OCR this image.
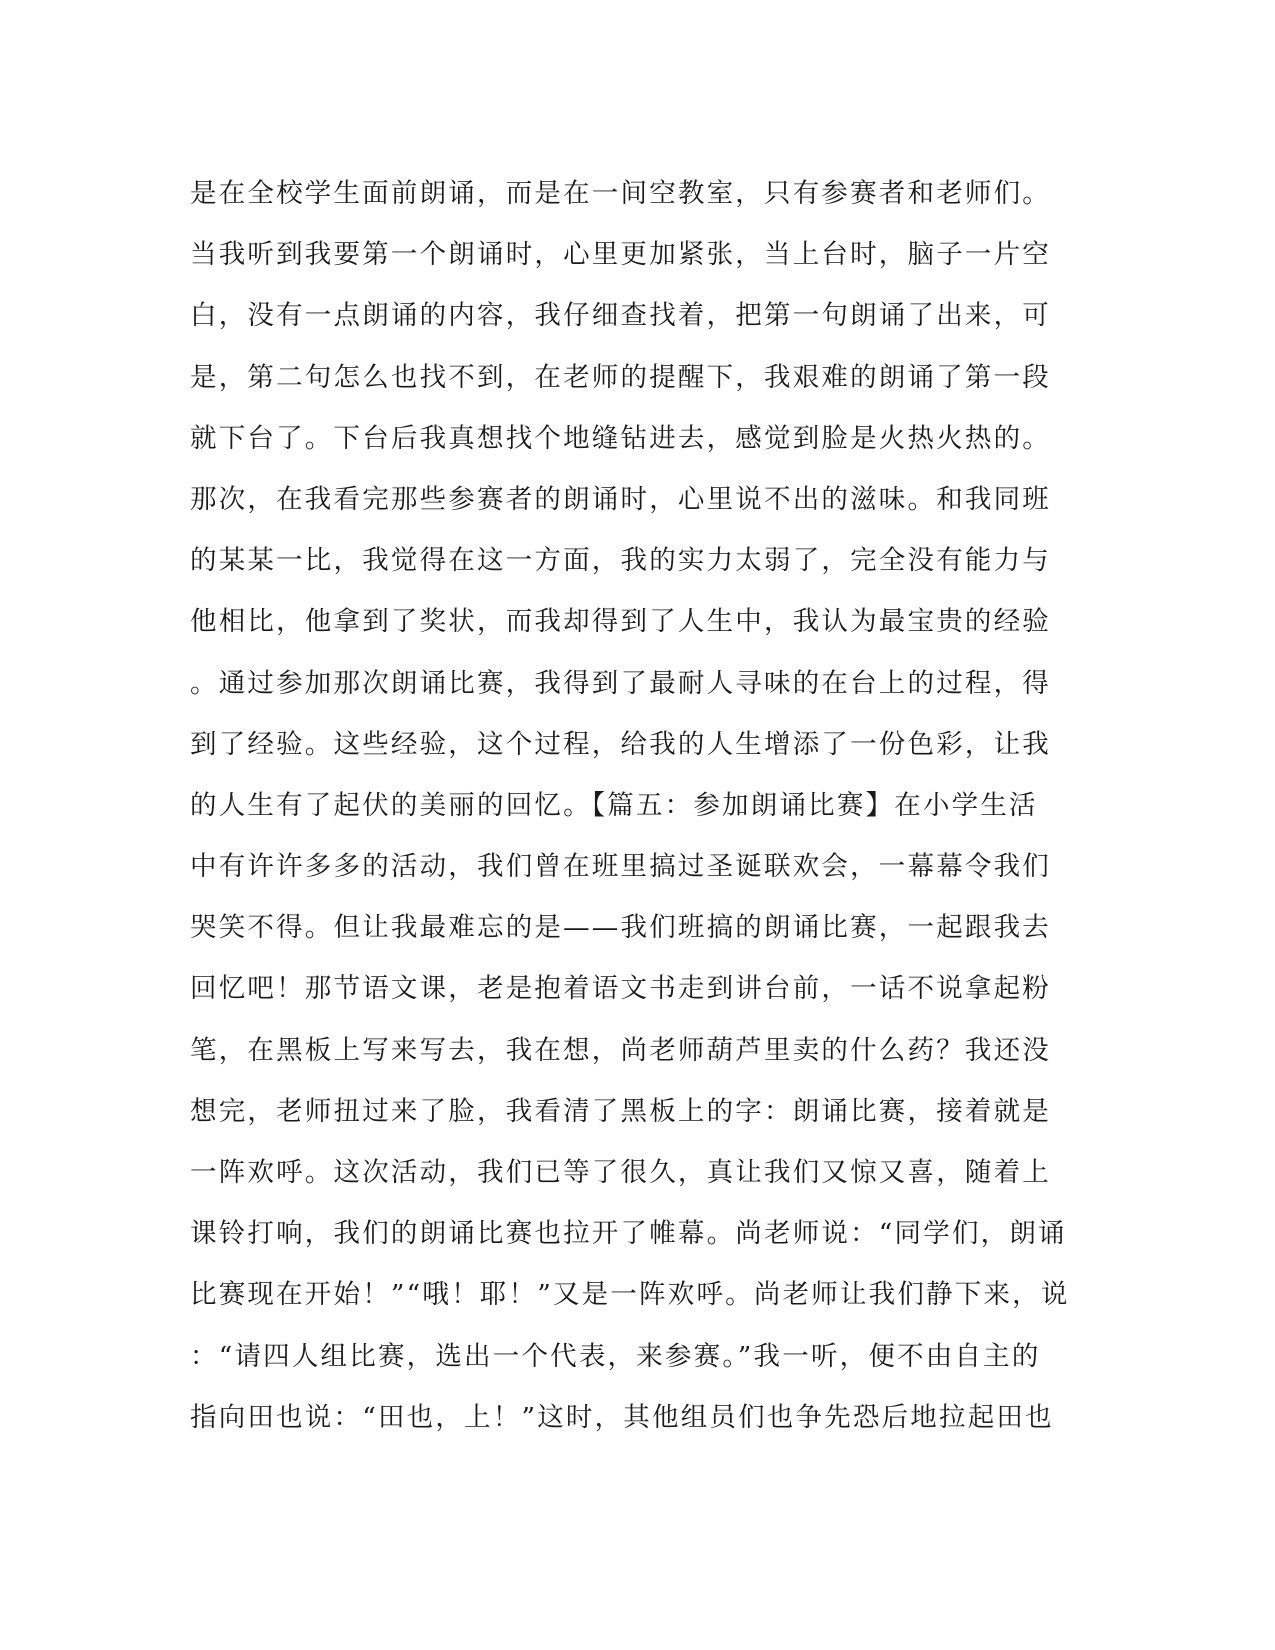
是在全校学生面前朗诵，而是在一间空教室，只有参赛者和老师们。
当我听到我要第一个朗诵时，心里更加紧张，当上台时，脑子一片空
白，没有一点朗诵的内容，我仔细查找着，把第一句朗诵了出来，可
是，第二句怎么也找不到，在老师的提醒下，我艰难的朗诵了第一段
就下台了。下台后我真想找个地缝钻进去，感觉到脸是火热火热的。
那次，在我看完那些参赛者的朗诵时，心里说不出的滋味。和我同班
的某某一比，我觉得在这一方面，我的实力太弱了，完全没有能力与
他相比，他拿到了奖状，而我却得到了人生中，我认为最宝贵的经验
。通过参加那次朗诵比赛，我得到了最耐人寻味的在台上的过程，得
到了经验。这些经验，这个过程，给我的人生增添了一份色彩，让我
的人生有了起伏的美丽的回忆。【篇五：参加朗诵比赛】在小学生活
中有许许多多的活动，我们曾在班里搞过圣诞联欢会，一幕幕令我们
哭笑不得。但让我最难忘的是——我们班搞的朗诵比赛，一起跟我去
回忆吧！那节语文课，老是抱着语文书走到讲台前，一话不说拿起粉
笔，在黑板上写来写去，我在想，尚老师葫芦里卖的什么药？我还没
想完，老师扭过来了脸，我看清了黑板上的字：朗诵比赛，接着就是
一阵欢呼。这次活动，我们已等了很久，真让我们又惊又喜，随着上
课铃打响，我们的朗诵比赛也拉开了帷幕。尚老师说：“同学们，朗诵
比赛现在开始！”“哦！耶！”又是一阵欢呼。尚老师让我们静下来，说
：“请四人组比赛，选出一个代表，来参赛。”我一听，便不由自主的
指向田也说：“田也，上！”这时，其他组员们也争先恐后地拉起田也
